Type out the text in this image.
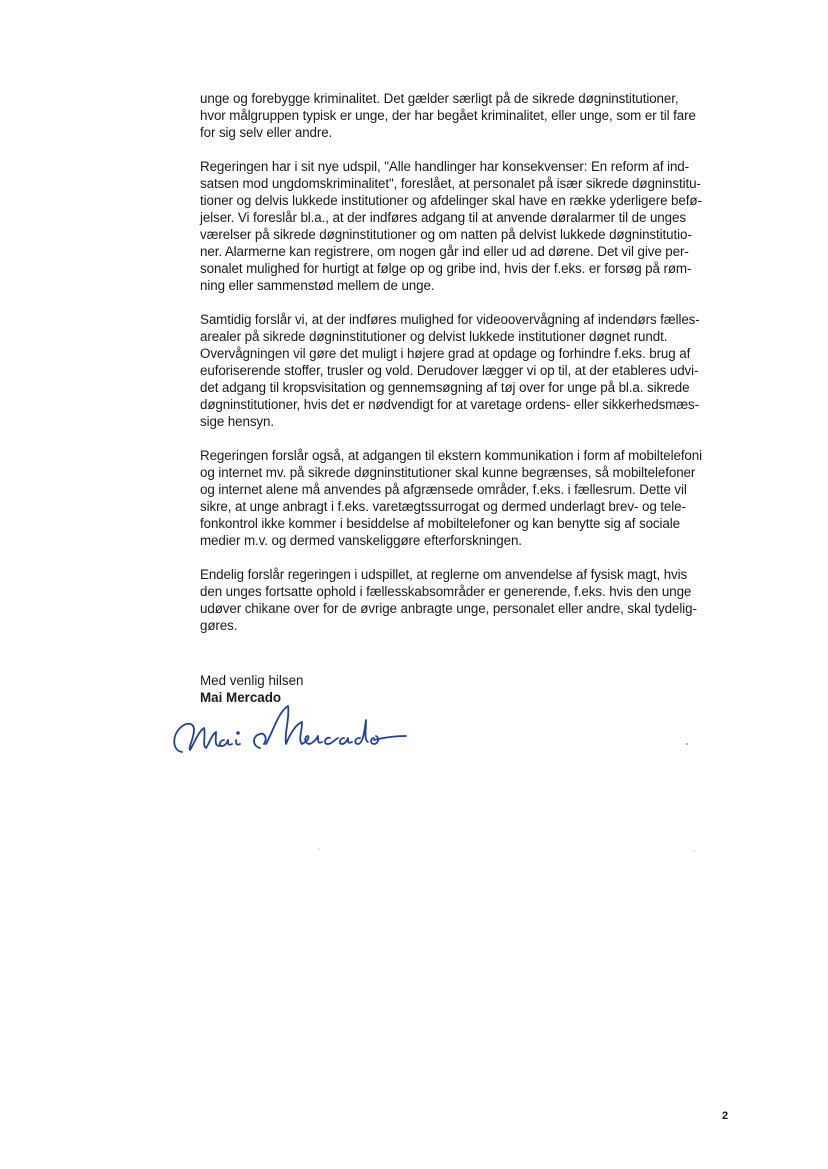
unge og forebygge kriminalitet. Det gælder særligt på de sikrede døgninstitutioner,
hvor målgruppen typisk er unge, der har begået kriminalitet, eller unge, som er til fare
for sig selv eller andre.

Regeringen har i sit nye udspil, "Alle handlinger har konsekvenser: En reform af ind-
satsen mod ungdomskriminalitet", foreslået, at personalet på især sikrede døgninstitu-
tioner og delvis lukkede institutioner og afdelinger skal have en række yderligere befø-
jelser. Vi foreslår bl.a., at der indføres adgang til at anvende døralarmer til de unges
værelser på sikrede døgninstitutioner og om natten på delvist lukkede døgninstitutio-
ner. Alarmerne kan registrere, om nogen går ind eller ud ad dørene. Det vil give per-
sonalet mulighed for hurtigt at følge op og gribe ind, hvis der f.eks. er forsøg på røm-
ning eller sammenstød mellem de unge.

Samtidig forslår vi, at der indføres mulighed for videoovervågning af indendørs fælles-
arealer på sikrede døgninstitutioner og delvist lukkede institutioner døgnet rundt.
Overvågningen vil gøre det muligt i højere grad at opdage og forhindre f.eks. brug af
euforiserende stoffer, trusler og vold. Derudover lægger vi op til, at der etableres udvi-
det adgang til kropsvisitation og gennemsøgning af tøj over for unge på bl.a. sikrede
døgninstitutioner, hvis det er nødvendigt for at varetage ordens- eller sikkerhedsmæs-
sige hensyn.

Regeringen forslår også, at adgangen til ekstern kommunikation i form af mobiltelefoni
og internet mv. på sikrede døgninstitutioner skal kunne begrænses, så mobiltelefoner
og internet alene må anvendes på afgrænsede områder, f.eks. i fællesrum. Dette vil
sikre, at unge anbragt i f.eks. varetægtssurrogat og dermed underlagt brev- og tele-
fonkontrol ikke kommer i besiddelse af mobiltelefoner og kan benytte sig af sociale
medier m.v. og dermed vanskeliggøre efterforskningen.

Endelig forslår regeringen i udspillet, at reglerne om anvendelse af fysisk magt, hvis
den unges fortsatte ophold i fællesskabsområder er generende, f.eks. hvis den unge
udøver chikane over for de øvrige anbragte unge, personalet eller andre, skal tydelig-
gøres.

Med venlig hilsen
Mai Mercado
2
